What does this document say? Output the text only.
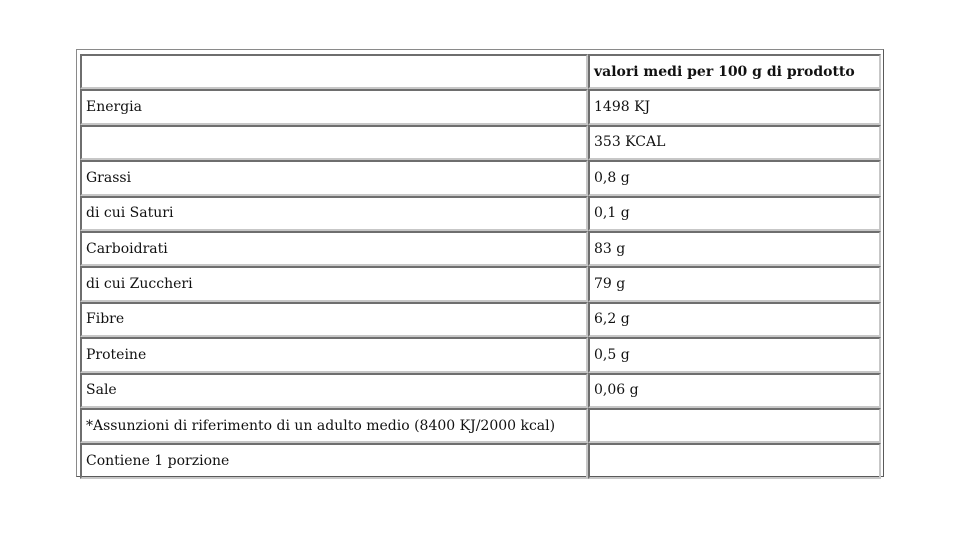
	valori medi per 100 g di prodotto
Energia	1498 KJ
	353 KCAL
Grassi	0,8 g
di cui Saturi	0,1 g
Carboidrati	83 g
di cui Zuccheri	79 g
Fibre	6,2 g
Proteine	0,5 g
Sale	0,06 g
*Assunzioni di riferimento di un adulto medio (8400 KJ/2000 kcal)	
Contiene 1 porzione	
